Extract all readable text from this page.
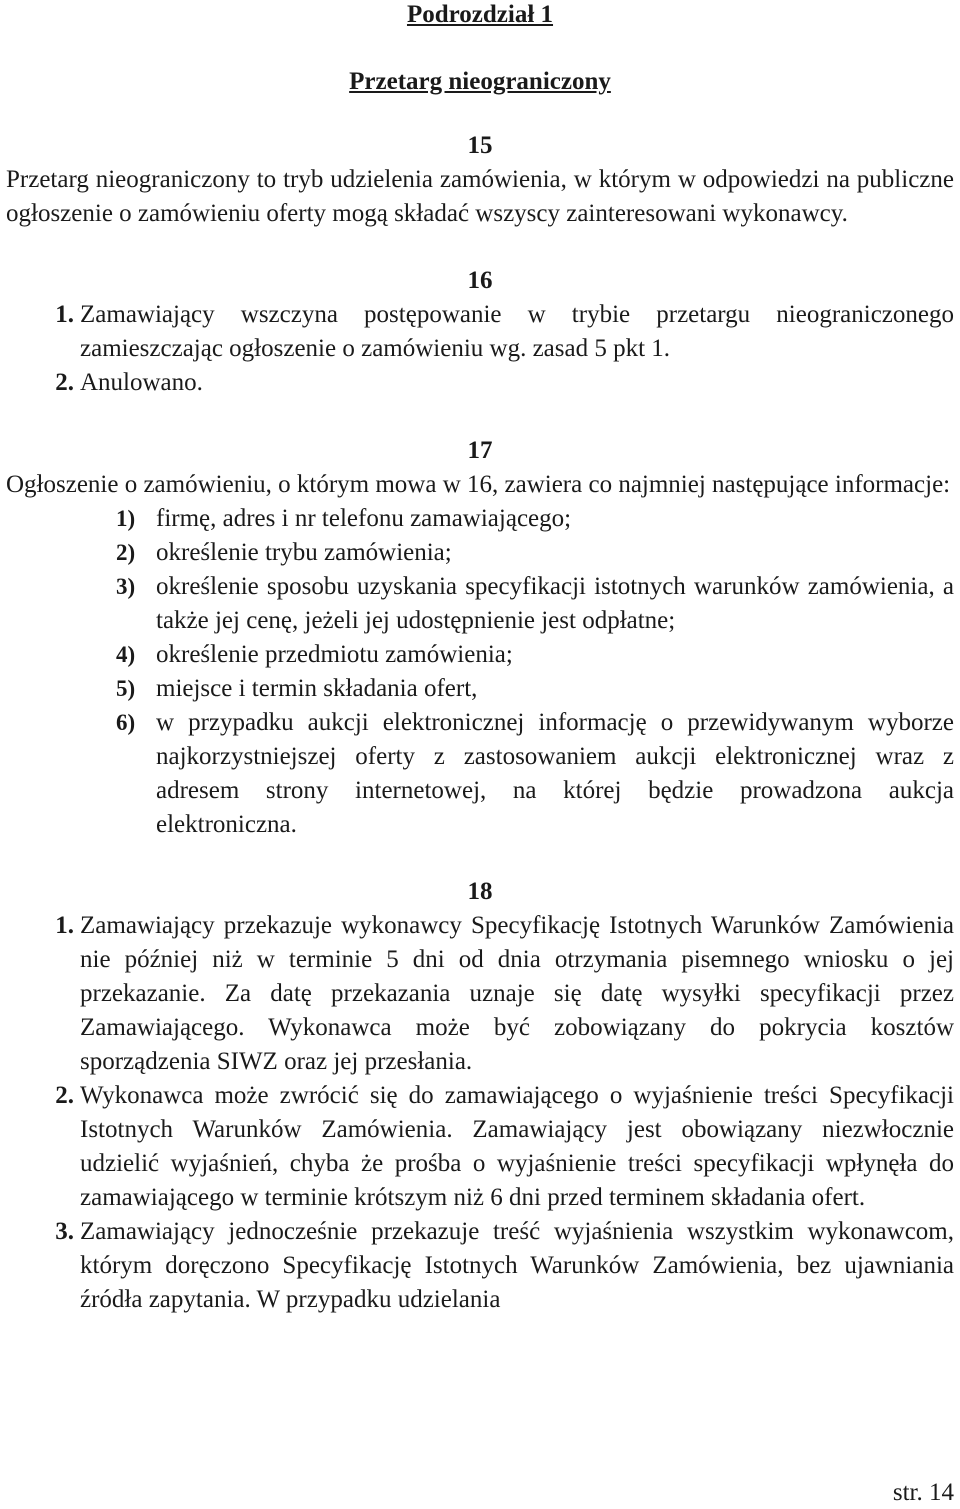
Podrozdział 1
Przetarg nieograniczony
15
Przetarg nieograniczony to tryb udzielenia zamówienia, w którym w odpowiedzi na publiczne ogłoszenie o zamówieniu oferty mogą składać wszyscy zainteresowani wykonawcy.
16
1. Zamawiający wszczyna postępowanie w trybie przetargu nieograniczonego zamieszczając ogłoszenie o zamówieniu wg. zasad 5 pkt 1.
2. Anulowano.
17
Ogłoszenie o zamówieniu, o którym mowa w 16, zawiera co najmniej następujące informacje:
1) firmę, adres i nr telefonu zamawiającego;
2) określenie trybu zamówienia;
3) określenie sposobu uzyskania specyfikacji istotnych warunków zamówienia, a także jej cenę, jeżeli jej udostępnienie jest odpłatne;
4) określenie przedmiotu zamówienia;
5) miejsce i termin składania ofert,
6) w przypadku aukcji elektronicznej informację o przewidywanym wyborze najkorzystniejszej oferty z zastosowaniem aukcji elektronicznej wraz z adresem strony internetowej, na której będzie prowadzona aukcja elektroniczna.
18
1. Zamawiający przekazuje wykonawcy Specyfikację Istotnych Warunków Zamówienia nie później niż w terminie 5 dni od dnia otrzymania pisemnego wniosku o jej przekazanie. Za datę przekazania uznaje się datę wysyłki specyfikacji przez Zamawiającego. Wykonawca może być zobowiązany do pokrycia kosztów sporządzenia SIWZ oraz jej przesłania.
2. Wykonawca może zwrócić się do zamawiającego o wyjaśnienie treści Specyfikacji Istotnych Warunków Zamówienia. Zamawiający jest obowiązany niezwłocznie udzielić wyjaśnień, chyba że prośba o wyjaśnienie treści specyfikacji wpłynęła do zamawiającego w terminie krótszym niż 6 dni przed terminem składania ofert.
3. Zamawiający jednocześnie przekazuje treść wyjaśnienia wszystkim wykonawcom, którym doręczono Specyfikację Istotnych Warunków Zamówienia, bez ujawniania źródła zapytania. W przypadku udzielania
str. 14
